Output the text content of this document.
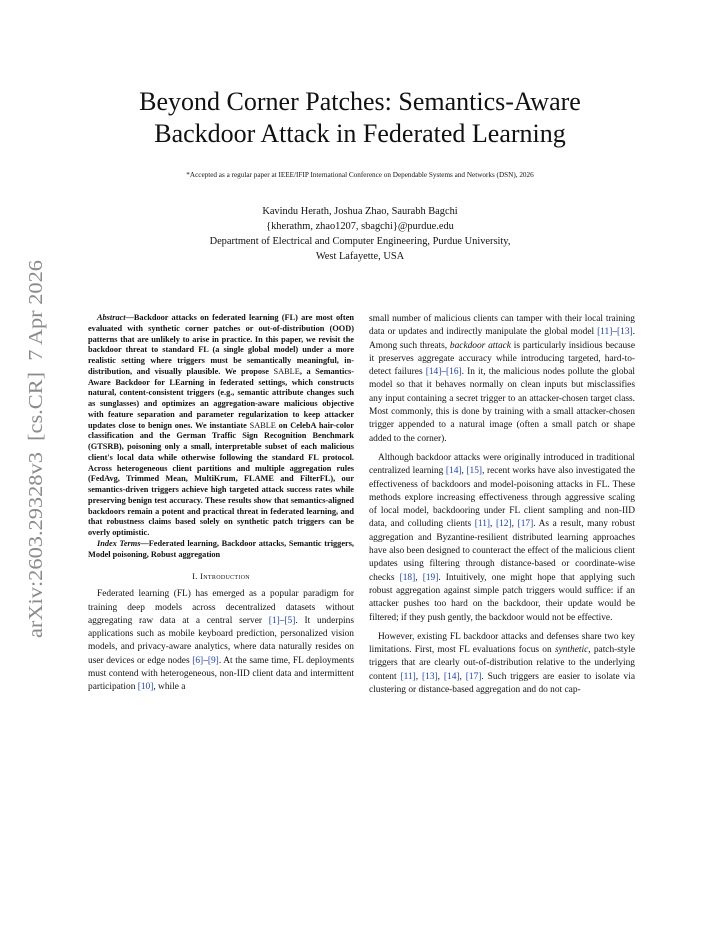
arXiv:2603.29328v3  [cs.CR]  7 Apr 2026
Beyond Corner Patches: Semantics-Aware
Backdoor Attack in Federated Learning
*Accepted as a regular paper at IEEE/IFIP International Conference on Dependable Systems and Networks (DSN), 2026
Kavindu Herath, Joshua Zhao, Saurabh Bagchi
{kherathm, zhao1207, sbagchi}@purdue.edu
Department of Electrical and Computer Engineering, Purdue University,
West Lafayette, USA

Abstract—Backdoor attacks on federated learning (FL) are most often evaluated with synthetic corner patches or out-of-distribution (OOD) patterns that are unlikely to arise in practice. In this paper, we revisit the backdoor threat to standard FL (a single global model) under a more realistic setting where triggers must be semantically meaningful, in-distribution, and visually plausible. We propose SABLE, a Semantics-Aware Backdoor for LEarning in federated settings, which constructs natural, content-consistent triggers (e.g., semantic attribute changes such as sunglasses) and optimizes an aggregation-aware malicious objective with feature separation and parameter regularization to keep attacker updates close to benign ones. We instantiate SABLE on CelebA hair-color classification and the German Traffic Sign Recognition Benchmark (GTSRB), poisoning only a small, interpretable subset of each malicious client's local data while otherwise following the standard FL protocol. Across heterogeneous client partitions and multiple aggregation rules (FedAvg, Trimmed Mean, MultiKrum, FLAME and FilterFL), our semantics-driven triggers achieve high targeted attack success rates while preserving benign test accuracy. These results show that semantics-aligned backdoors remain a potent and practical threat in federated learning, and that robustness claims based solely on synthetic patch triggers can be overly optimistic.

Index Terms—Federated learning, Backdoor attacks, Semantic triggers, Model poisoning, Robust aggregation

I. Introduction

Federated learning (FL) has emerged as a popular paradigm for training deep models across decentralized datasets without aggregating raw data at a central server [1]–[5]. It underpins applications such as mobile keyboard prediction, personalized vision models, and privacy-aware analytics, where data naturally resides on user devices or edge nodes [6]–[9]. At the same time, FL deployments must contend with heterogeneous, non-IID client data and intermittent participation [10], while a

small number of malicious clients can tamper with their local training data or updates and indirectly manipulate the global model [11]–[13]. Among such threats, backdoor attack is particularly insidious because it preserves aggregate accuracy while introducing targeted, hard-to-detect failures [14]–[16]. In it, the malicious nodes pollute the global model so that it behaves normally on clean inputs but misclassifies any input containing a secret trigger to an attacker-chosen target class. Most commonly, this is done by training with a small attacker-chosen trigger appended to a natural image (often a small patch or shape added to the corner).

Although backdoor attacks were originally introduced in traditional centralized learning [14], [15], recent works have also investigated the effectiveness of backdoors and model-poisoning attacks in FL. These methods explore increasing effectiveness through aggressive scaling of local model, backdooring under FL client sampling and non-IID data, and colluding clients [11], [12], [17]. As a result, many robust aggregation and Byzantine-resilient distributed learning approaches have also been designed to counteract the effect of the malicious client updates using filtering through distance-based or coordinate-wise checks [18], [19]. Intuitively, one might hope that applying such robust aggregation against simple patch triggers would suffice: if an attacker pushes too hard on the backdoor, their update would be filtered; if they push gently, the backdoor would not be effective.

However, existing FL backdoor attacks and defenses share two key limitations. First, most FL evaluations focus on synthetic, patch-style triggers that are clearly out-of-distribution relative to the underlying content [11], [13], [14], [17]. Such triggers are easier to isolate via clustering or distance-based aggregation and do not cap-
